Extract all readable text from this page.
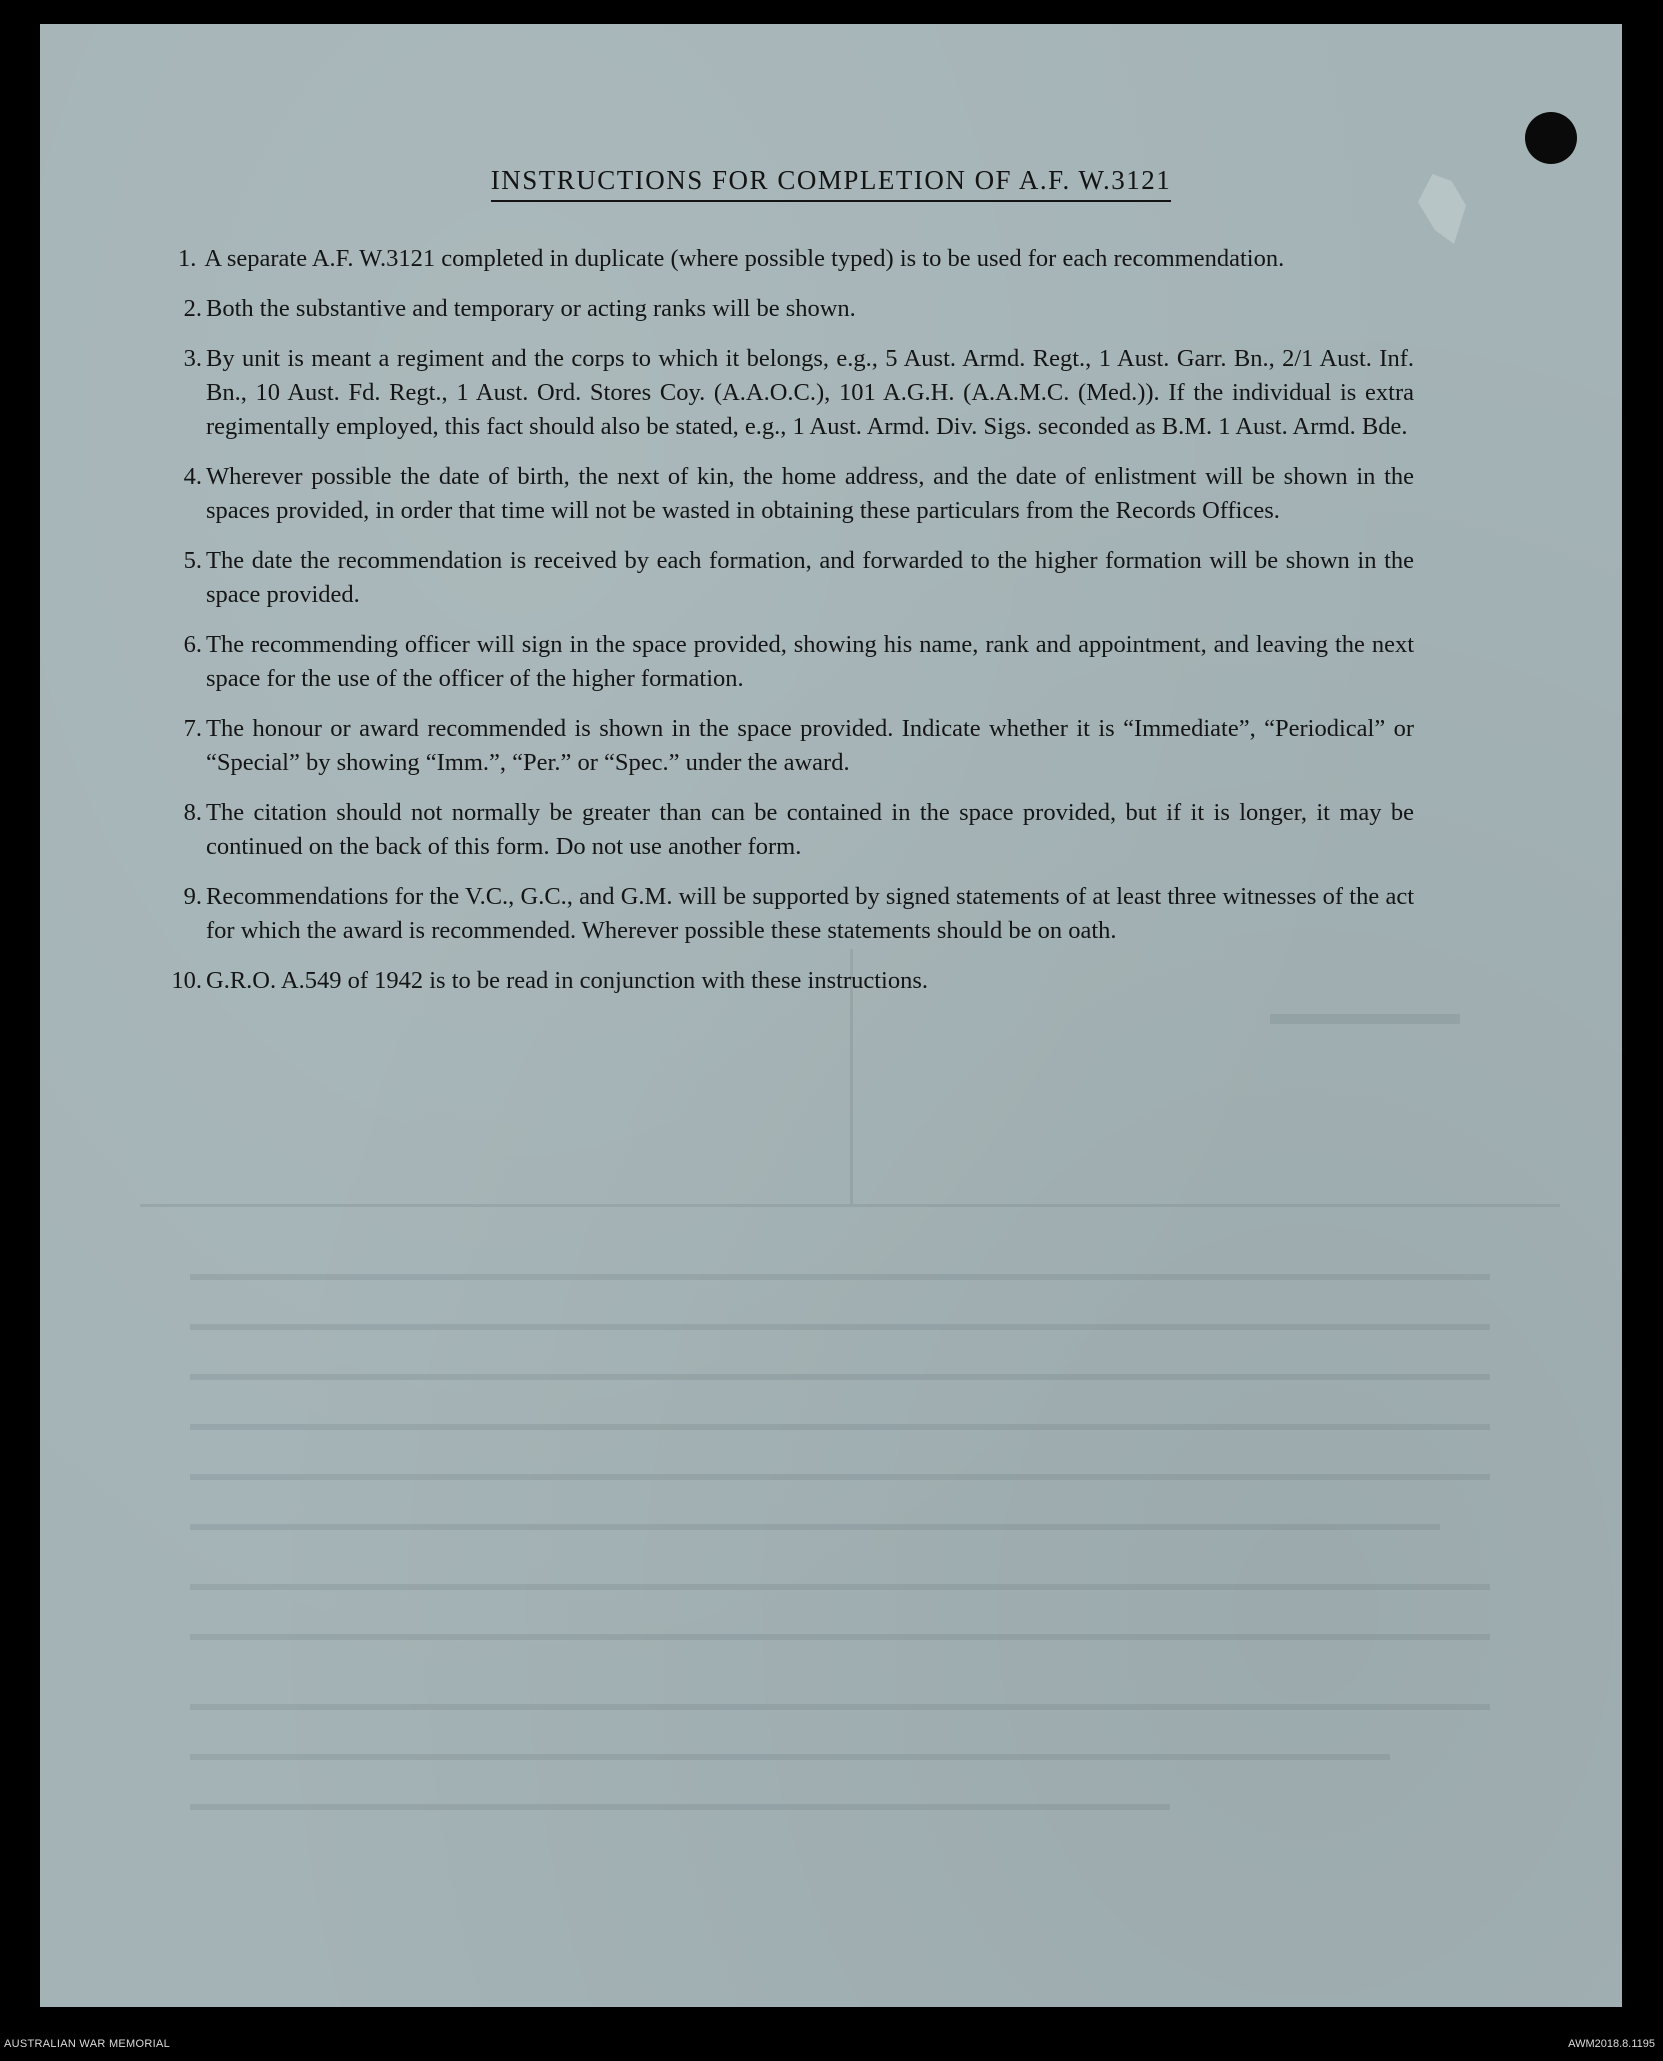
INSTRUCTIONS FOR COMPLETION OF A.F. W.3121
1. A separate A.F. W.3121 completed in duplicate (where possible typed) is to be used for each recommendation.
2. Both the substantive and temporary or acting ranks will be shown.
3. By unit is meant a regiment and the corps to which it belongs, e.g., 5 Aust. Armd. Regt., 1 Aust. Garr. Bn., 2/1 Aust. Inf. Bn., 10 Aust. Fd. Regt., 1 Aust. Ord. Stores Coy. (A.A.O.C.), 101 A.G.H. (A.A.M.C. (Med.)). If the individual is extra regimentally employed, this fact should also be stated, e.g., 1 Aust. Armd. Div. Sigs. seconded as B.M. 1 Aust. Armd. Bde.
4. Wherever possible the date of birth, the next of kin, the home address, and the date of enlistment will be shown in the spaces provided, in order that time will not be wasted in obtaining these particulars from the Records Offices.
5. The date the recommendation is received by each formation, and forwarded to the higher formation will be shown in the space provided.
6. The recommending officer will sign in the space provided, showing his name, rank and appointment, and leaving the next space for the use of the officer of the higher formation.
7. The honour or award recommended is shown in the space provided. Indicate whether it is “Immediate”, “Periodical” or “Special” by showing “Imm.”, “Per.” or “Spec.” under the award.
8. The citation should not normally be greater than can be contained in the space provided, but if it is longer, it may be continued on the back of this form. Do not use another form.
9. Recommendations for the V.C., G.C., and G.M. will be supported by signed statements of at least three witnesses of the act for which the award is recommended. Wherever possible these statements should be on oath.
10. G.R.O. A.549 of 1942 is to be read in conjunction with these instructions.
AUSTRALIAN WAR MEMORIAL	AWM2018.8.1195
